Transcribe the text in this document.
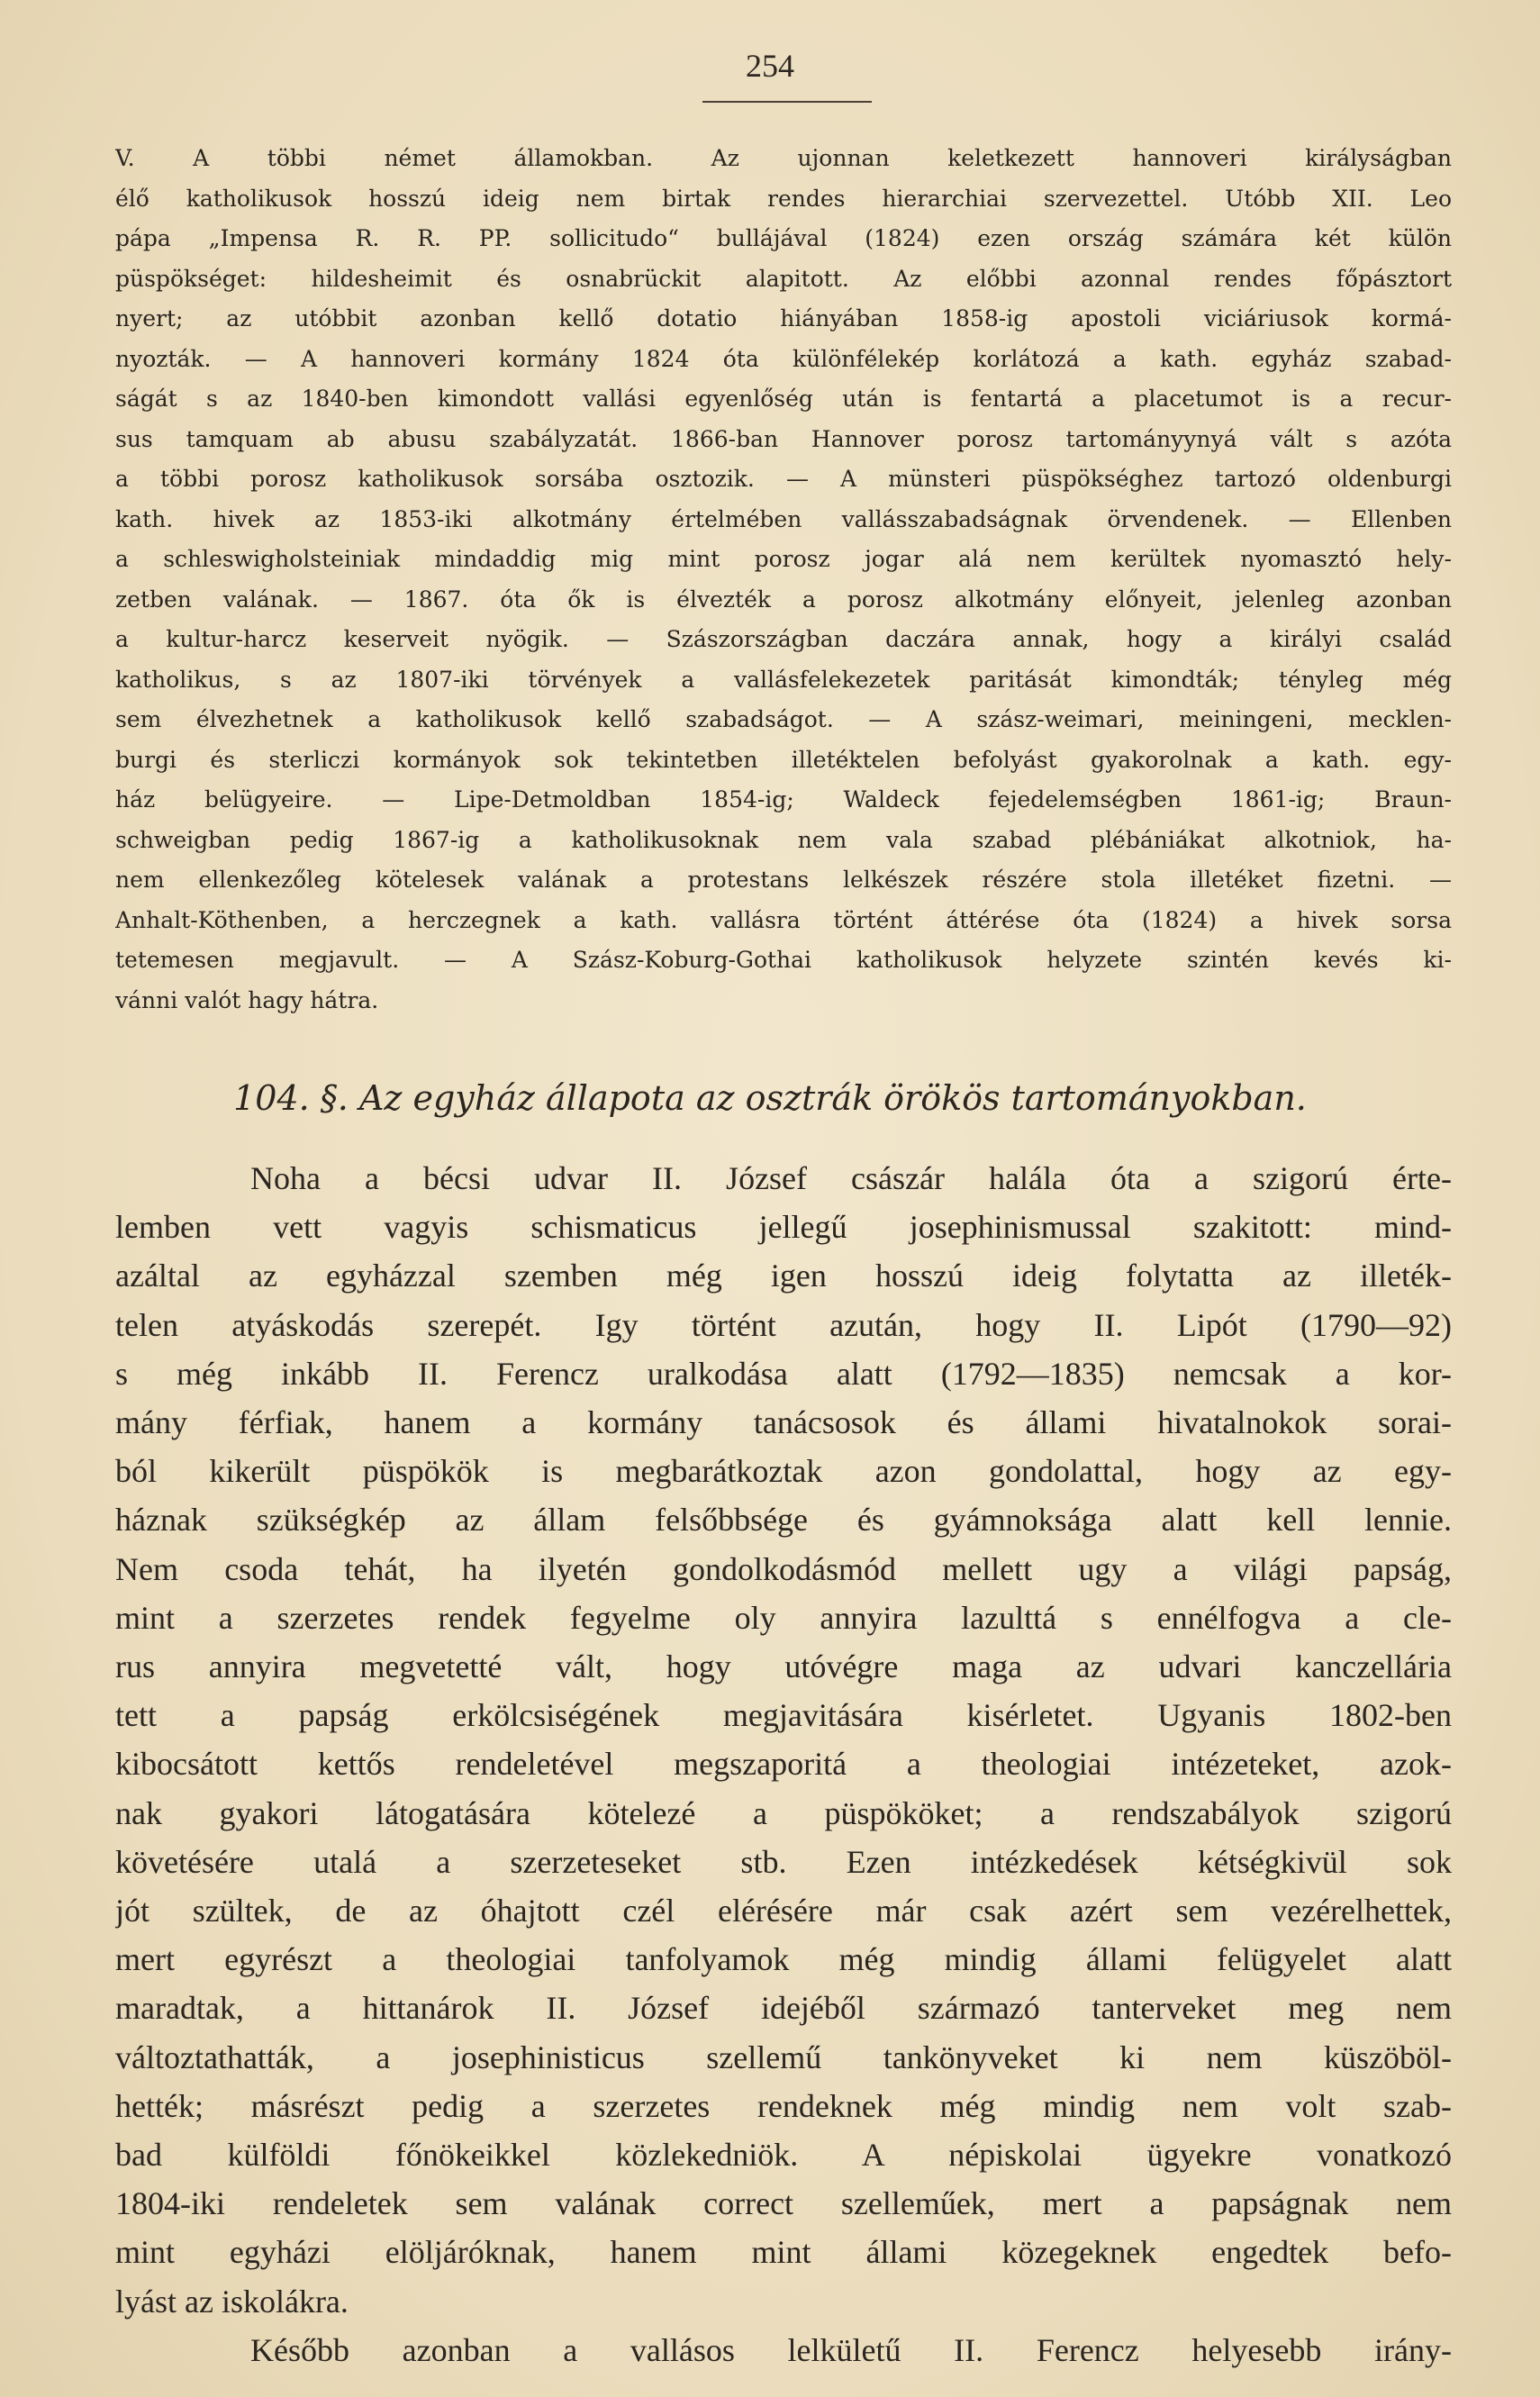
254
V. A többi német államokban. Az ujonnan keletkezett hannoveri királyságban
élő katholikusok hosszú ideig nem birtak rendes hierarchiai szervezettel. Utóbb XII. Leo
pápa „Impensa R. R. PP. sollicitudo“ bullájával (1824) ezen ország számára két külön
püspökséget: hildesheimit és osnabrückit alapitott. Az előbbi azonnal rendes főpásztort
nyert; az utóbbit azonban kellő dotatio hiányában 1858-ig apostoli viciáriusok kormá-
nyozták. — A hannoveri kormány 1824 óta különfélekép korlátozá a kath. egyház szabad-
ságát s az 1840-ben kimondott vallási egyenlőség után is fentartá a placetumot is a recur-
sus tamquam ab abusu szabályzatát. 1866-ban Hannover porosz tartományynyá vált s azóta
a többi porosz katholikusok sorsába osztozik. — A münsteri püspökséghez tartozó oldenburgi
kath. hivek az 1853-iki alkotmány értelmében vallásszabadságnak örvendenek. — Ellenben
a schleswigholsteiniak mindaddig mig mint porosz jogar alá nem kerültek nyomasztó hely-
zetben valának. — 1867. óta ők is élvezték a porosz alkotmány előnyeit, jelenleg azonban
a kultur-harcz keserveit nyögik. — Szászországban daczára annak, hogy a királyi család
katholikus, s az 1807-iki törvények a vallásfelekezetek paritását kimondták; tényleg még
sem élvezhetnek a katholikusok kellő szabadságot. — A szász-weimari, meiningeni, mecklen-
burgi és sterliczi kormányok sok tekintetben illetéktelen befolyást gyakorolnak a kath. egy-
ház belügyeire. — Lipe-Detmoldban 1854-ig; Waldeck fejedelemségben 1861-ig; Braun-
schweigban pedig 1867-ig a katholikusoknak nem vala szabad plébániákat alkotniok, ha-
nem ellenkezőleg kötelesek valának a protestans lelkészek részére stola illetéket fizetni. —
Anhalt-Köthenben, a herczegnek a kath. vallásra történt áttérése óta (1824) a hivek sorsa
tetemesen megjavult. — A Szász-Koburg-Gothai katholikusok helyzete szintén kevés ki-
vánni valót hagy hátra.
104. §. Az egyház állapota az osztrák örökös tartományokban.
Noha a bécsi udvar II. József császár halála óta a szigorú érte-
lemben vett vagyis schismaticus jellegű josephinismussal szakitott: mind-
azáltal az egyházzal szemben még igen hosszú ideig folytatta az illeték-
telen atyáskodás szerepét. Igy történt azután, hogy II. Lipót (1790—92)
s még inkább II. Ferencz uralkodása alatt (1792—1835) nemcsak a kor-
mány férfiak, hanem a kormány tanácsosok és állami hivatalnokok sorai-
ból kikerült püspökök is megbarátkoztak azon gondolattal, hogy az egy-
háznak szükségkép az állam felsőbbsége és gyámnoksága alatt kell lennie.
Nem csoda tehát, ha ilyetén gondolkodásmód mellett ugy a világi papság,
mint a szerzetes rendek fegyelme oly annyira lazulttá s ennélfogva a cle-
rus annyira megvetetté vált, hogy utóvégre maga az udvari kanczellária
tett a papság erkölcsiségének megjavitására kisérletet. Ugyanis 1802-ben
kibocsátott kettős rendeletével megszaporitá a theologiai intézeteket, azok-
nak gyakori látogatására kötelezé a püspököket; a rendszabályok szigorú
követésére utalá a szerzeteseket stb. Ezen intézkedések kétségkivül sok
jót szültek, de az óhajtott czél elérésére már csak azért sem vezérelhettek,
mert egyrészt a theologiai tanfolyamok még mindig állami felügyelet alatt
maradtak, a hittanárok II. József idejéből származó tanterveket meg nem
változtathatták, a josephinisticus szellemű tankönyveket ki nem küszöböl-
hették; másrészt pedig a szerzetes rendeknek még mindig nem volt szab-
bad külföldi főnökeikkel közlekedniök. A népiskolai ügyekre vonatkozó
1804-iki rendeletek sem valának correct szelleműek, mert a papságnak nem
mint egyházi elöljáróknak, hanem mint állami közegeknek engedtek befo-
lyást az iskolákra.
Később azonban a vallásos lelkületű II. Ferencz helyesebb irány-
